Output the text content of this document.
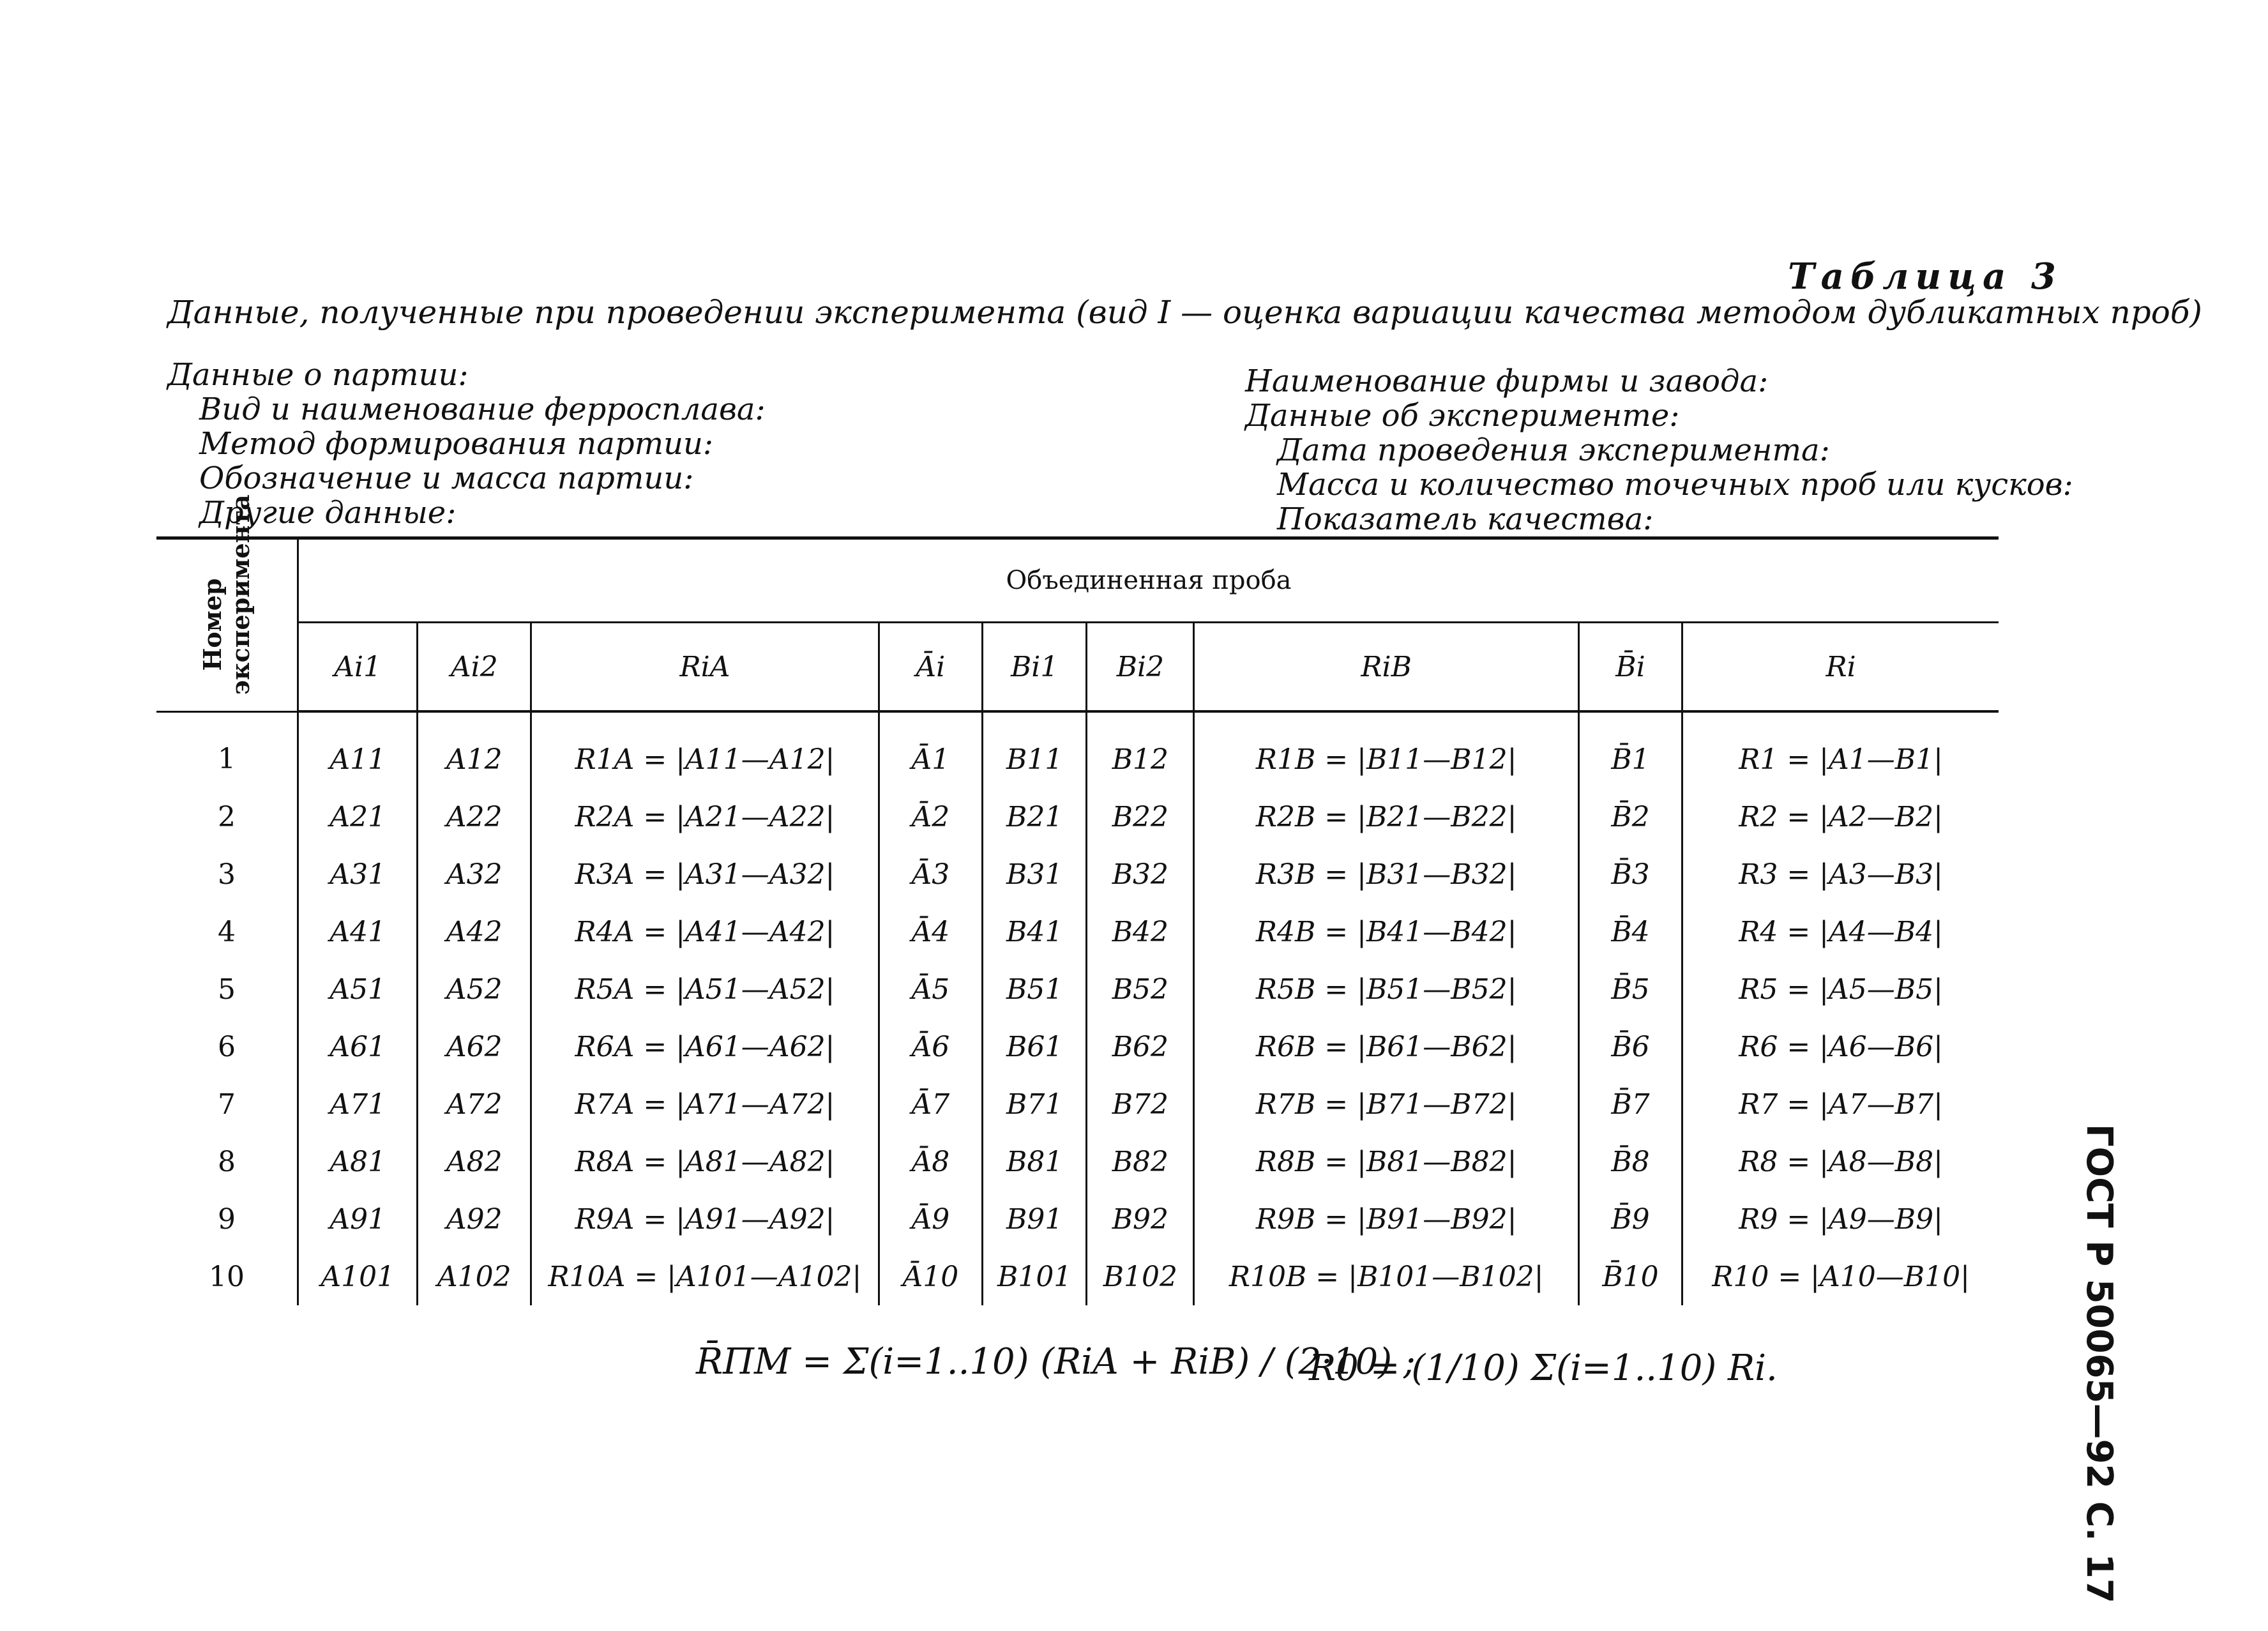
Таблица 3
Данные, полученные при проведении эксперимента (вид I — оценка вариации качества методом дубликатных проб)
Данные о партии:
Вид и наименование ферросплава:
Метод формирования партии:
Обозначение и масса партии:
Другие данные:
Наименование фирмы и завода:
Данные об эксперименте:
Дата проведения эксперимента:
Масса и количество точечных проб или кусков:
Показатель качества:
Номер эксперимента	Объединенная проба								
	Ai1	Ai2	RiA	Āi	Bi1	Bi2	RiB	B̄i	Ri
1	A11	A12	R1A = |A11—A12|	Ā1	B11	B12	R1B = |B11—B12|	B̄1	R1 = |A1—B1|
2	A21	A22	R2A = |A21—A22|	Ā2	B21	B22	R2B = |B21—B22|	B̄2	R2 = |A2—B2|
3	A31	A32	R3A = |A31—A32|	Ā3	B31	B32	R3B = |B31—B32|	B̄3	R3 = |A3—B3|
4	A41	A42	R4A = |A41—A42|	Ā4	B41	B42	R4B = |B41—B42|	B̄4	R4 = |A4—B4|
5	A51	A52	R5A = |A51—A52|	Ā5	B51	B52	R5B = |B51—B52|	B̄5	R5 = |A5—B5|
6	A61	A62	R6A = |A61—A62|	Ā6	B61	B62	R6B = |B61—B62|	B̄6	R6 = |A6—B6|
7	A71	A72	R7A = |A71—A72|	Ā7	B71	B72	R7B = |B71—B72|	B̄7	R7 = |A7—B7|
8	A81	A82	R8A = |A81—A82|	Ā8	B81	B82	R8B = |B81—B82|	B̄8	R8 = |A8—B8|
9	A91	A92	R9A = |A91—A92|	Ā9	B91	B92	R9B = |B91—B92|	B̄9	R9 = |A9—B9|
10	A101	A102	R10A = |A101—A102|	Ā10	B101	B102	R10B = |B101—B102|	B̄10	R10 = |A10—B10|
R̄ПМ = Σ(i=1..10) (RiA + RiB) / (2·10) ;
R0 = (1/10) Σ(i=1..10) Ri.	ГОСТ Р 50065—92 С. 17
